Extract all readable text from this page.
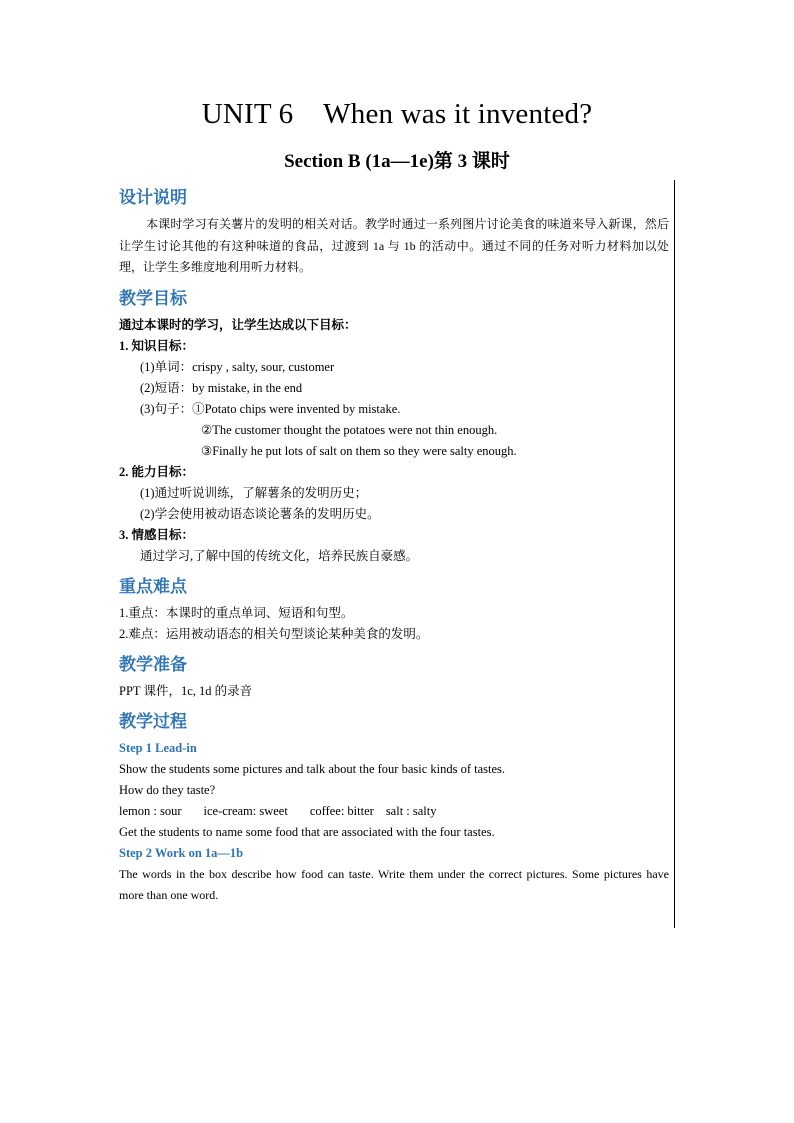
UNIT 6    When was it invented?
Section B (1a—1e)第 3 课时
设计说明

本课时学习有关薯片的发明的相关对话。教学时通过一系列图片讨论美食的味道来导入新课，然后让学生讨论其他的有这种味道的食品，过渡到 1a 与 1b 的活动中。通过不同的任务对听力材料加以处理，让学生多维度地利用听力材料。

教学目标

通过本课时的学习，让学生达成以下目标：

1. 知识目标：

(1)单词：crispy , salty, sour, customer

(2)短语：by mistake, in the end

(3)句子：①Potato chips were invented by mistake.

②The customer thought the potatoes were not thin enough.

③Finally he put lots of salt on them so they were salty enough.

2. 能力目标：

(1)通过听说训练，了解薯条的发明历史；

(2)学会使用被动语态谈论薯条的发明历史。

3. 情感目标：

通过学习,了解中国的传统文化，培养民族自豪感。

重点难点

1.重点：本课时的重点单词、短语和句型。

2.难点：运用被动语态的相关句型谈论某种美食的发明。

教学准备

PPT 课件，1c, 1d 的录音

教学过程

Step 1 Lead-in

Show the students some pictures and talk about the four basic kinds of tastes.

How do they taste?

lemon : sour ice-cream: sweet coffee: bitter salt : salty

Get the students to name some food that are associated with the four tastes.

Step 2 Work on 1a—1b

The words in the box describe how food can taste. Write them under the correct pictures. Some pictures have more than one word.
